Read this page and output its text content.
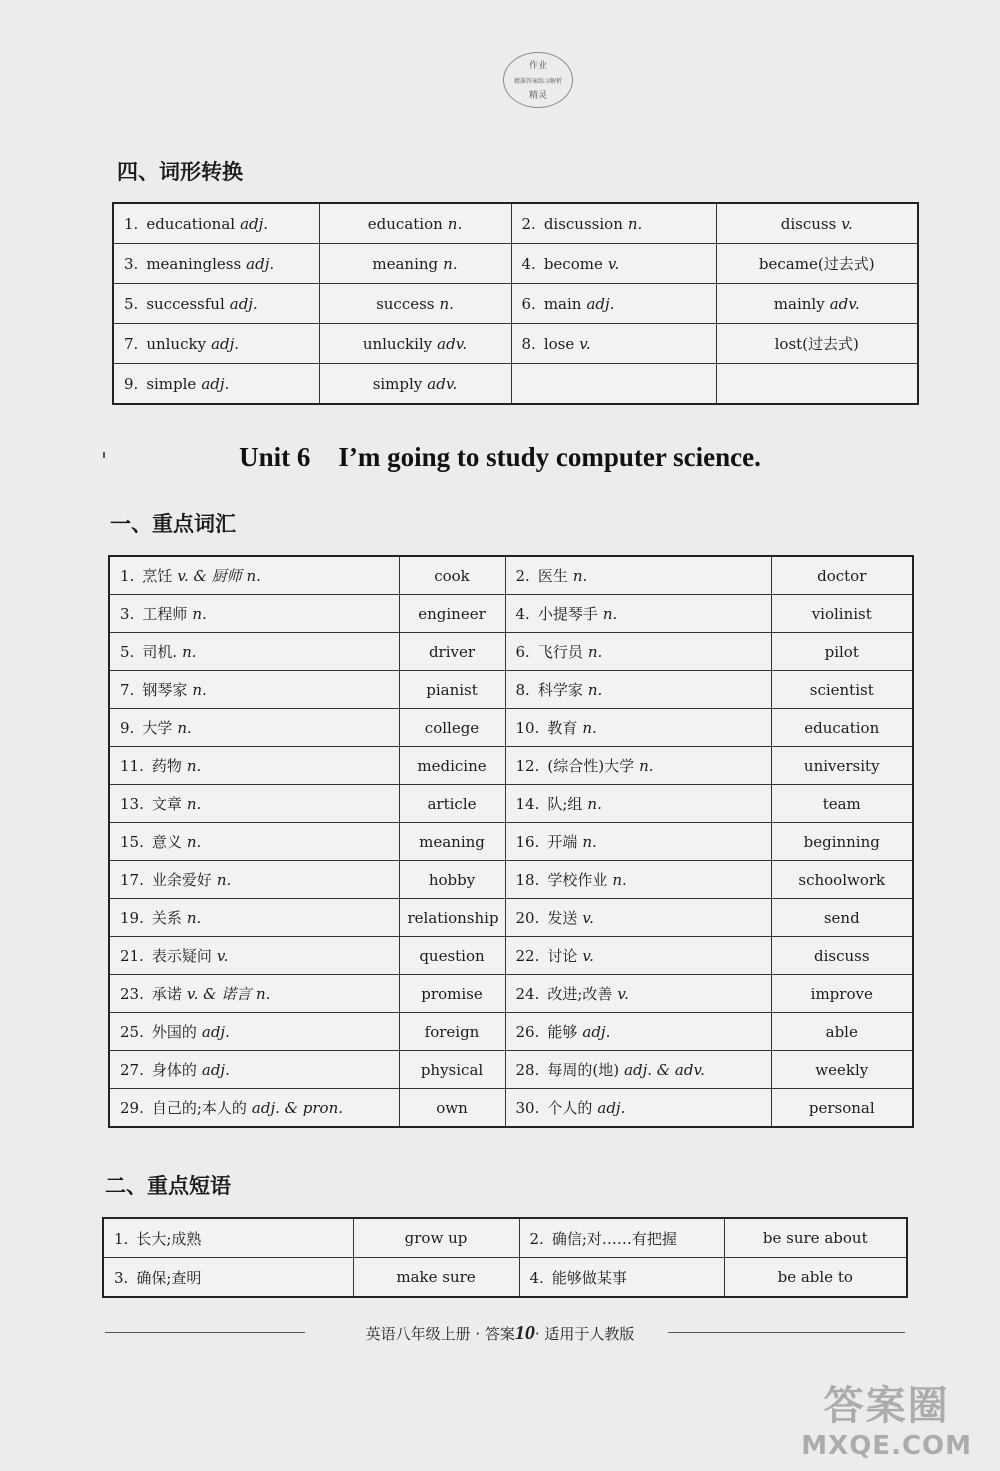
作业
精准答案练习解析
精灵
四、词形转换
1. educational adj.	education n.	2. discussion n.	discuss v.
3. meaningless adj.	meaning n.	4. become v.	became(过去式)
5. successful adj.	success n.	6. main adj.	mainly adv.
7. unlucky adj.	unluckily adv.	8. lose v.	lost(过去式)
9. simple adj.	simply adv.		
Unit 6 I’m going to study computer science.
一、重点词汇
1. 烹饪 v. & 厨师 n.	cook	2. 医生 n.	doctor
3. 工程师 n.	engineer	4. 小提琴手 n.	violinist
5. 司机. n.	driver	6. 飞行员 n.	pilot
7. 钢琴家 n.	pianist	8. 科学家 n.	scientist
9. 大学 n.	college	10. 教育 n.	education
11. 药物 n.	medicine	12. (综合性)大学 n.	university
13. 文章 n.	article	14. 队;组 n.	team
15. 意义 n.	meaning	16. 开端 n.	beginning
17. 业余爱好 n.	hobby	18. 学校作业 n.	schoolwork
19. 关系 n.	relationship	20. 发送 v.	send
21. 表示疑问 v.	question	22. 讨论 v.	discuss
23. 承诺 v. & 诺言 n.	promise	24. 改进;改善 v.	improve
25. 外国的 adj.	foreign	26. 能够 adj.	able
27. 身体的 adj.	physical	28. 每周的(地) adj. & adv.	weekly
29. 自己的;本人的 adj. & pron.	own	30. 个人的 adj.	personal
二、重点短语
1. 长大;成熟	grow up	2. 确信;对……有把握	be sure about
3. 确保;查明	make sure	4. 能够做某事	be able to
英语八年级上册 · 答案10· 适用于人教版
答案圈
MXQE.COM
